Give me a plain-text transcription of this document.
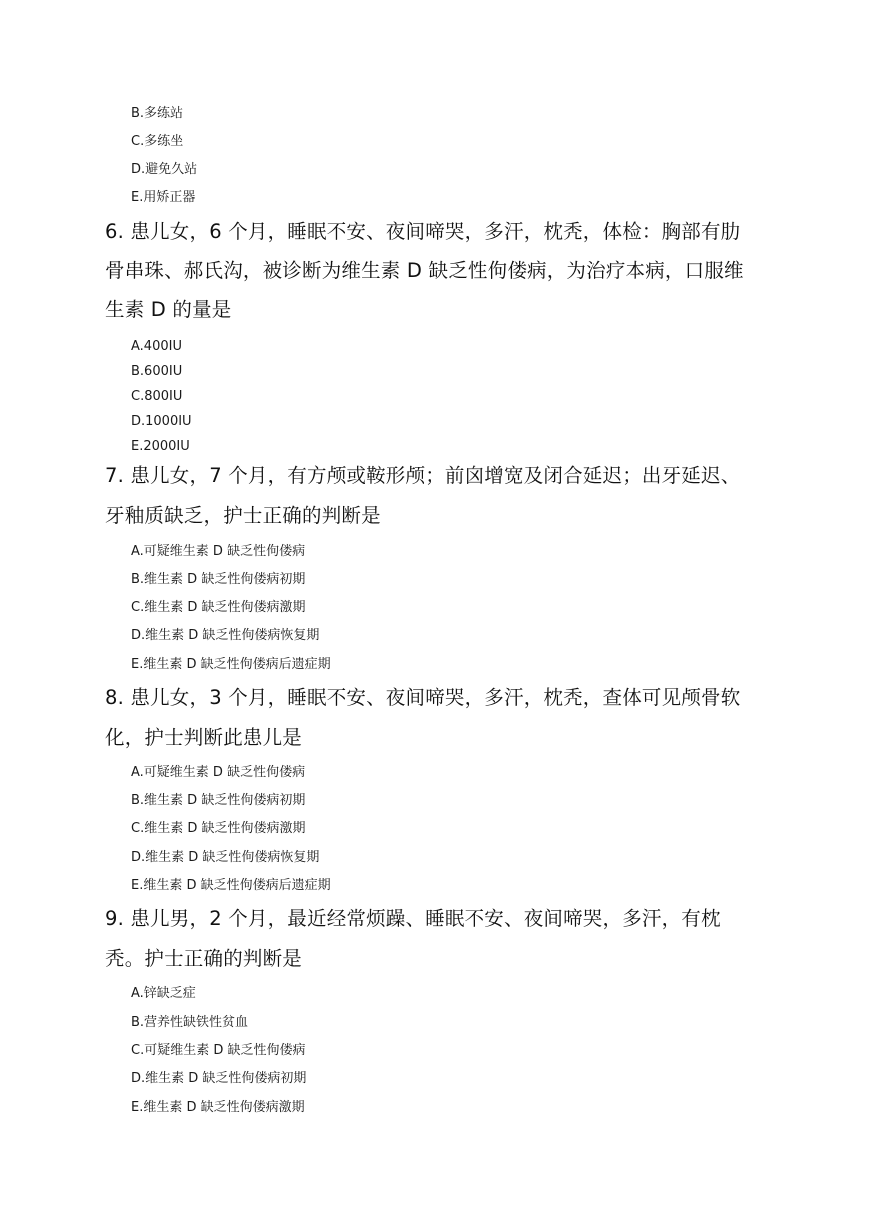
B.多练站
C.多练坐
D.避免久站
E.用矫正器
6. 患儿女，6 个月，睡眠不安、夜间啼哭，多汗，枕秃，体检：胸部有肋
骨串珠、郝氏沟，被诊断为维生素 D 缺乏性佝偻病，为治疗本病，口服维
生素 D 的量是
A.400IU
B.600IU
C.800IU
D.1000IU
E.2000IU
7. 患儿女，7 个月，有方颅或鞍形颅；前囟增宽及闭合延迟；出牙延迟、
牙釉质缺乏，护士正确的判断是
A.可疑维生素 D 缺乏性佝偻病
B.维生素 D 缺乏性佝偻病初期
C.维生素 D 缺乏性佝偻病激期
D.维生素 D 缺乏性佝偻病恢复期
E.维生素 D 缺乏性佝偻病后遗症期
8. 患儿女，3 个月，睡眠不安、夜间啼哭，多汗，枕秃，查体可见颅骨软
化，护士判断此患儿是
A.可疑维生素 D 缺乏性佝偻病
B.维生素 D 缺乏性佝偻病初期
C.维生素 D 缺乏性佝偻病激期
D.维生素 D 缺乏性佝偻病恢复期
E.维生素 D 缺乏性佝偻病后遗症期
9. 患儿男，2 个月，最近经常烦躁、睡眠不安、夜间啼哭，多汗，有枕
秃。护士正确的判断是
A.锌缺乏症
B.营养性缺铁性贫血
C.可疑维生素 D 缺乏性佝偻病
D.维生素 D 缺乏性佝偻病初期
E.维生素 D 缺乏性佝偻病激期
